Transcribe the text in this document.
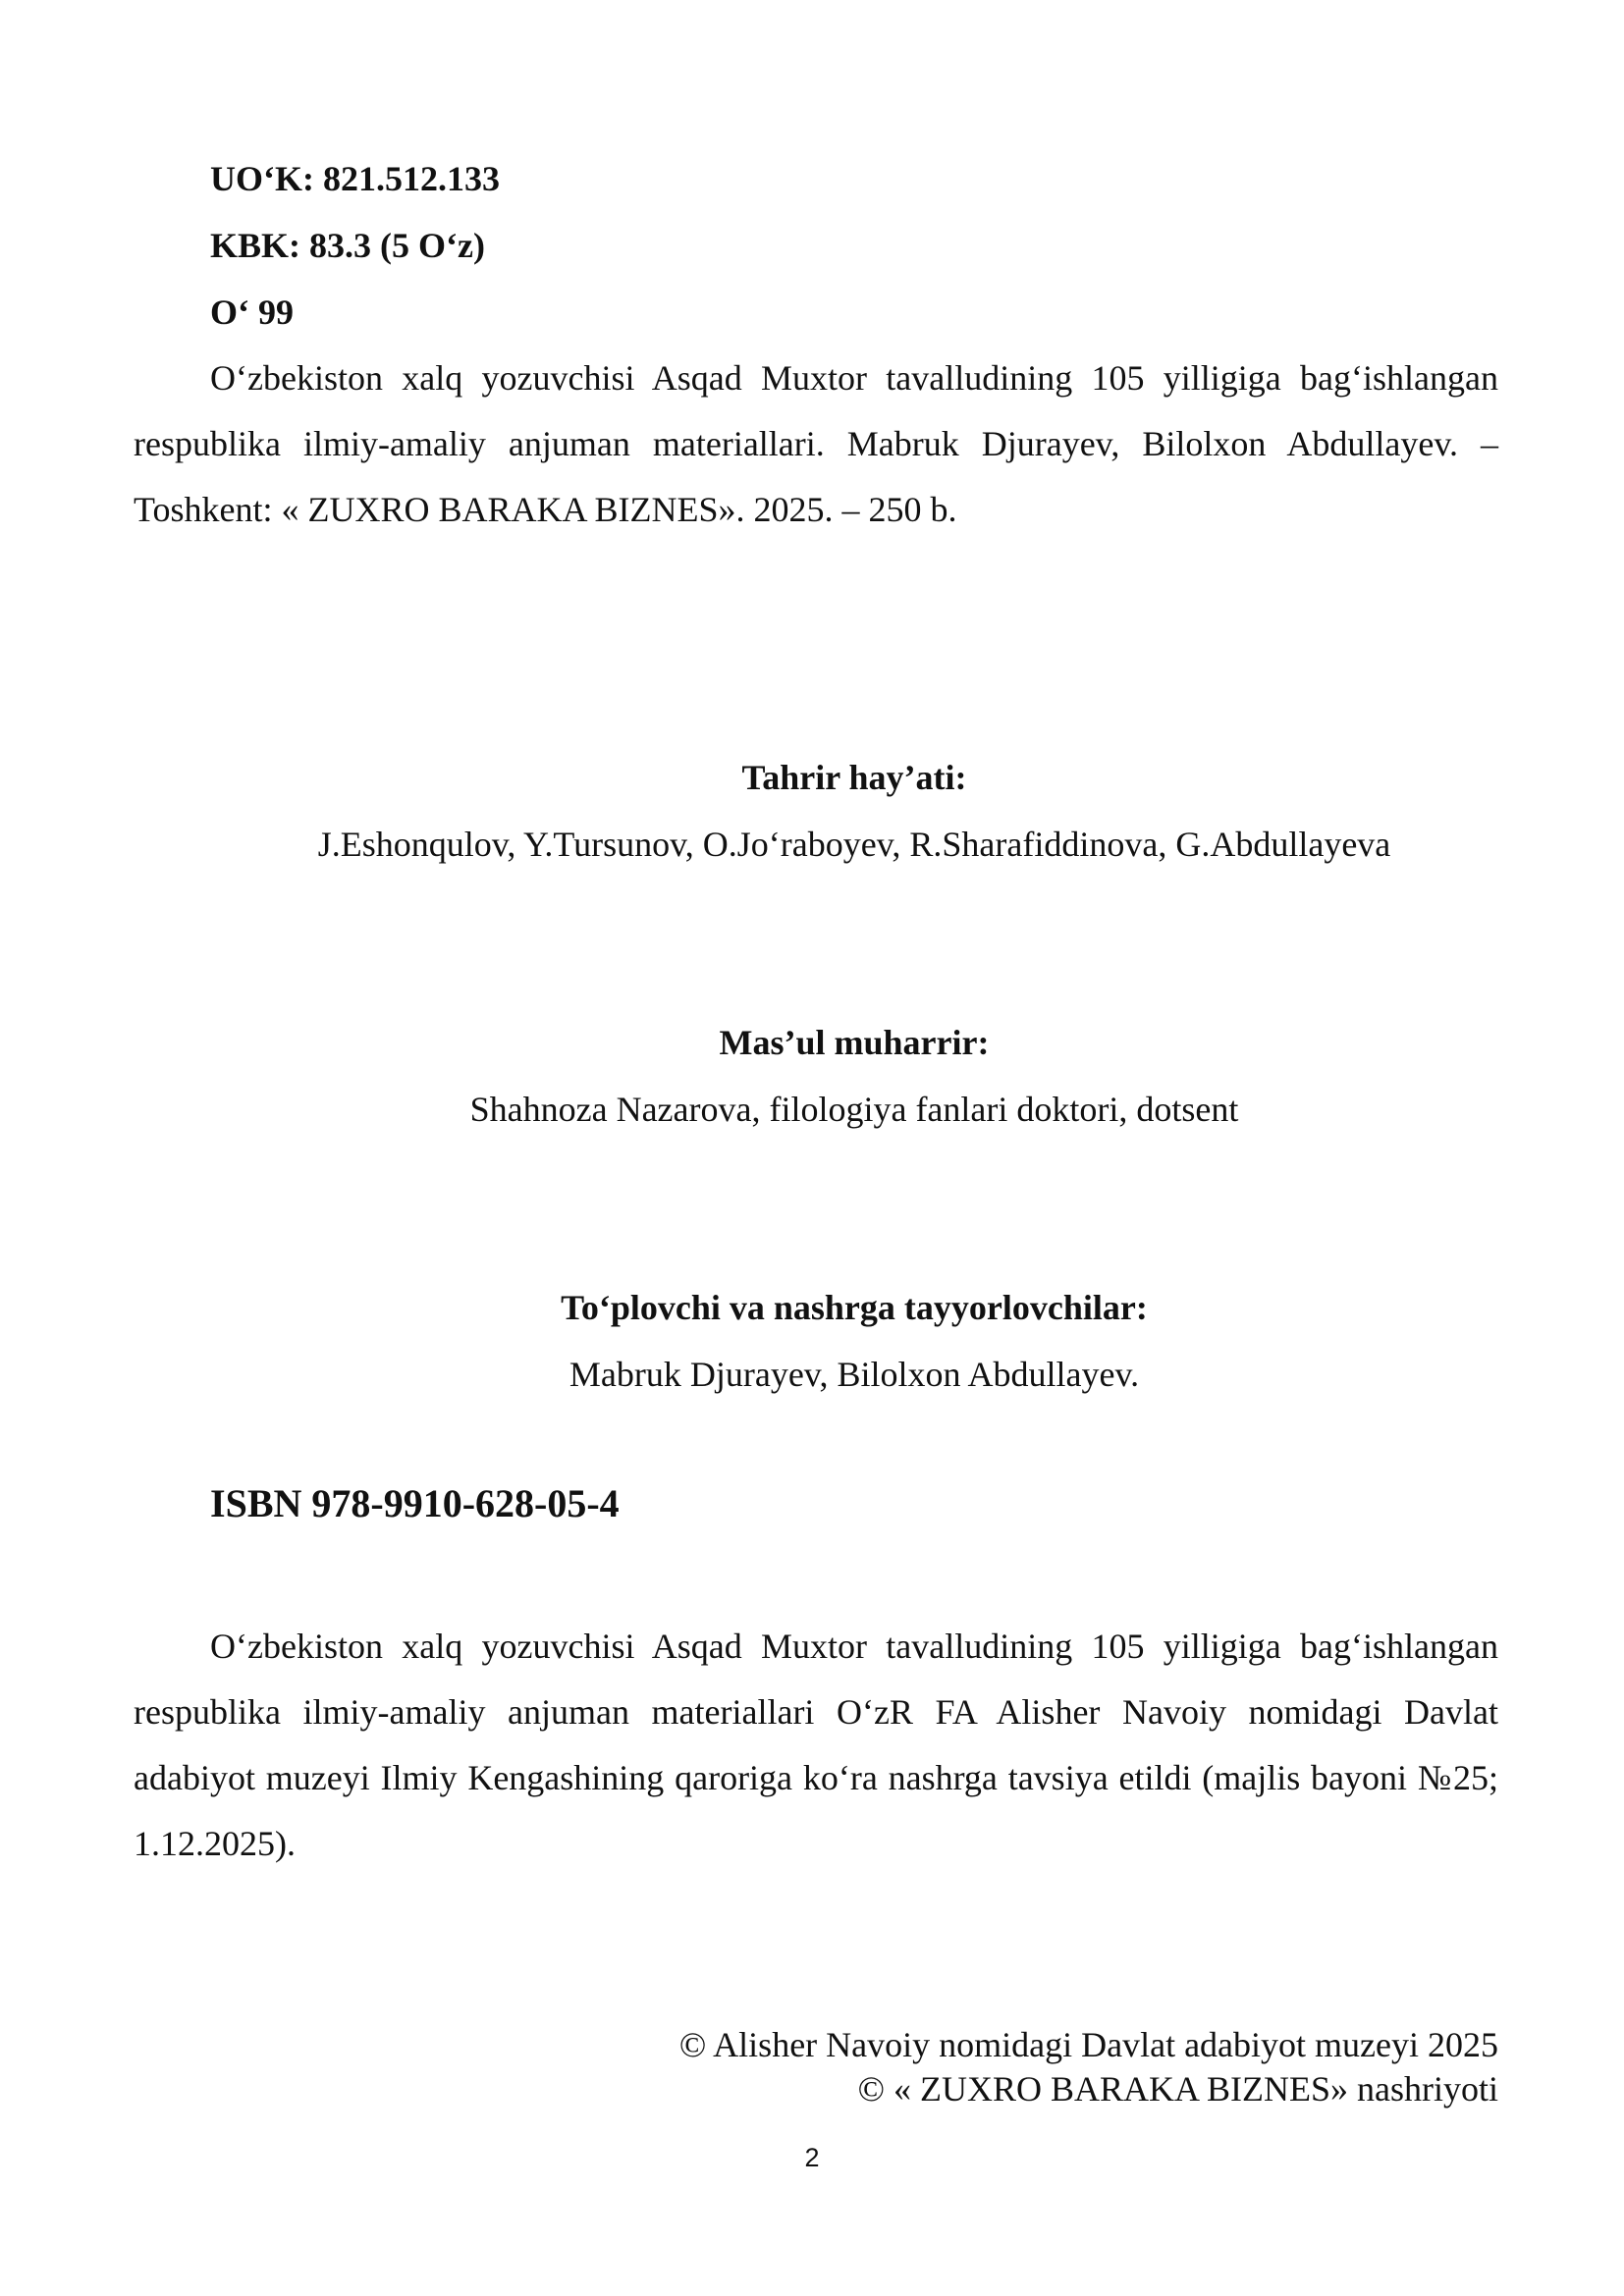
UO‘K: 821.512.133
KBK: 83.3 (5 O‘z)
O‘ 99
O‘zbekiston xalq yozuvchisi Asqad Muxtor tavalludining 105 yilligiga bag‘ishlangan respublika ilmiy-amaliy anjuman materiallari. Mabruk Djurayev, Bilolxon Abdullayev. – Toshkent: « ZUXRO BARAKA BIZNES». 2025. – 250 b.
Tahrir hay’ati:
J.Eshonqulov, Y.Tursunov, O.Jo‘raboyev, R.Sharafiddinova, G.Abdullayeva
Mas’ul muharrir:
Shahnoza Nazarova, filologiya fanlari doktori, dotsent
To‘plovchi va nashrga tayyorlovchilar:
Mabruk Djurayev, Bilolxon Abdullayev.
ISBN 978-9910-628-05-4
O‘zbekiston xalq yozuvchisi Asqad Muxtor tavalludining 105 yilligiga bag‘ishlangan respublika ilmiy-amaliy anjuman materiallari O‘zR FA Alisher Navoiy nomidagi Davlat adabiyot muzeyi Ilmiy Kengashining qaroriga ko‘ra nashrga tavsiya etildi (majlis bayoni №25; 1.12.2025).
© Alisher Navoiy nomidagi Davlat adabiyot muzeyi 2025
© « ZUXRO BARAKA BIZNES» nashriyoti
2
